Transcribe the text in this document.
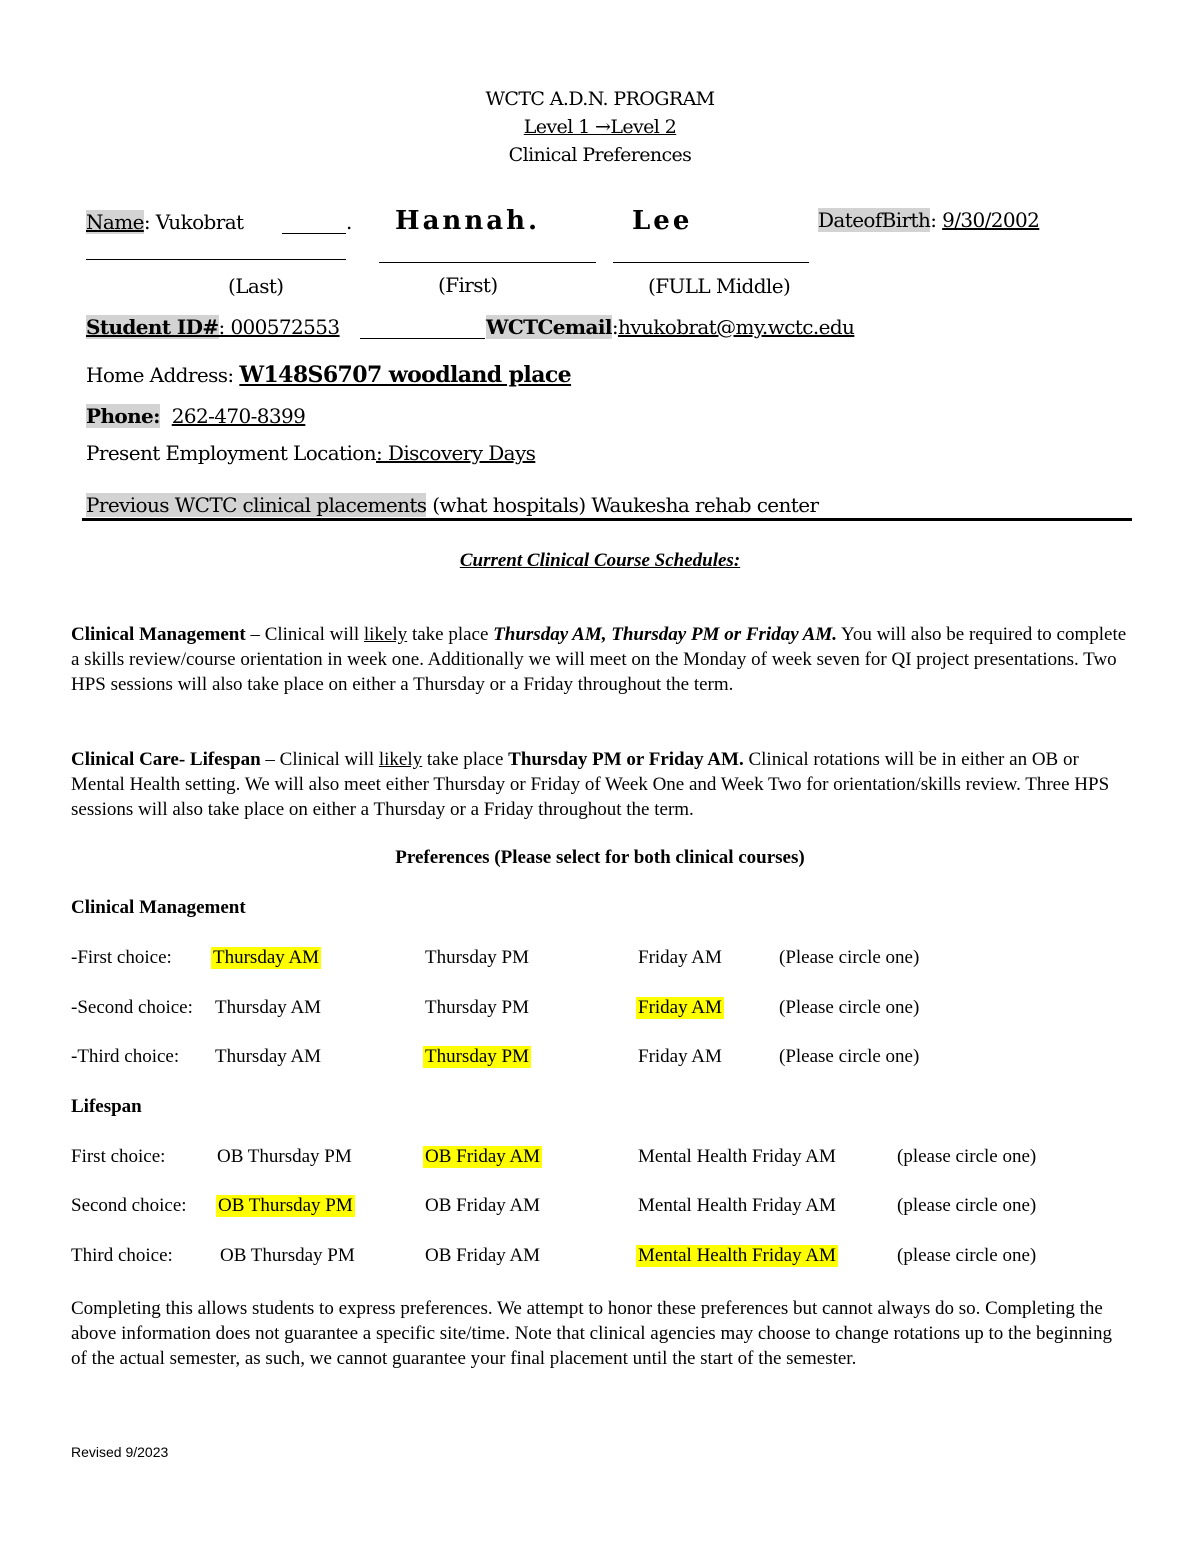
WCTC A.D.N. PROGRAM
Level 1 →Level 2
Clinical Preferences
Name: Vukobrat	. Hannah.	Lee	DateofBirth: 9/30/2002
(Last)	(First)	(FULL Middle)
Student ID#: 000572553	WCTCemail:hvukobrat@my.wctc.edu
Home Address: W148S6707 woodland place
Phone: 262-470-8399
Present Employment Location: Discovery Days
Previous WCTC clinical placements (what hospitals) Waukesha rehab center
Current Clinical Course Schedules:
Clinical Management – Clinical will likely take place Thursday AM, Thursday PM or Friday AM. You will also be required to complete a skills review/course orientation in week one. Additionally we will meet on the Monday of week seven for QI project presentations. Two HPS sessions will also take place on either a Thursday or a Friday throughout the term.
Clinical Care- Lifespan – Clinical will likely take place Thursday PM or Friday AM. Clinical rotations will be in either an OB or Mental Health setting. We will also meet either Thursday or Friday of Week One and Week Two for orientation/skills review. Three HPS sessions will also take place on either a Thursday or a Friday throughout the term.
Preferences (Please select for both clinical courses)
Clinical Management
-First choice: Thursday AM	Thursday PM	Friday AM	(Please circle one)
-Second choice: Thursday AM	Thursday PM	Friday AM	(Please circle one)
-Third choice: Thursday AM	Thursday PM	Friday AM	(Please circle one)
Lifespan
First choice:	OB Thursday PM	OB Friday AM	Mental Health Friday AM	(please circle one)
Second choice: OB Thursday PM	OB Friday AM	Mental Health Friday AM	(please circle one)
Third choice: OB Thursday PM	OB Friday AM	Mental Health Friday AM	(please circle one)
Completing this allows students to express preferences. We attempt to honor these preferences but cannot always do so. Completing the above information does not guarantee a specific site/time. Note that clinical agencies may choose to change rotations up to the beginning of the actual semester, as such, we cannot guarantee your final placement until the start of the semester.
Revised 9/2023
